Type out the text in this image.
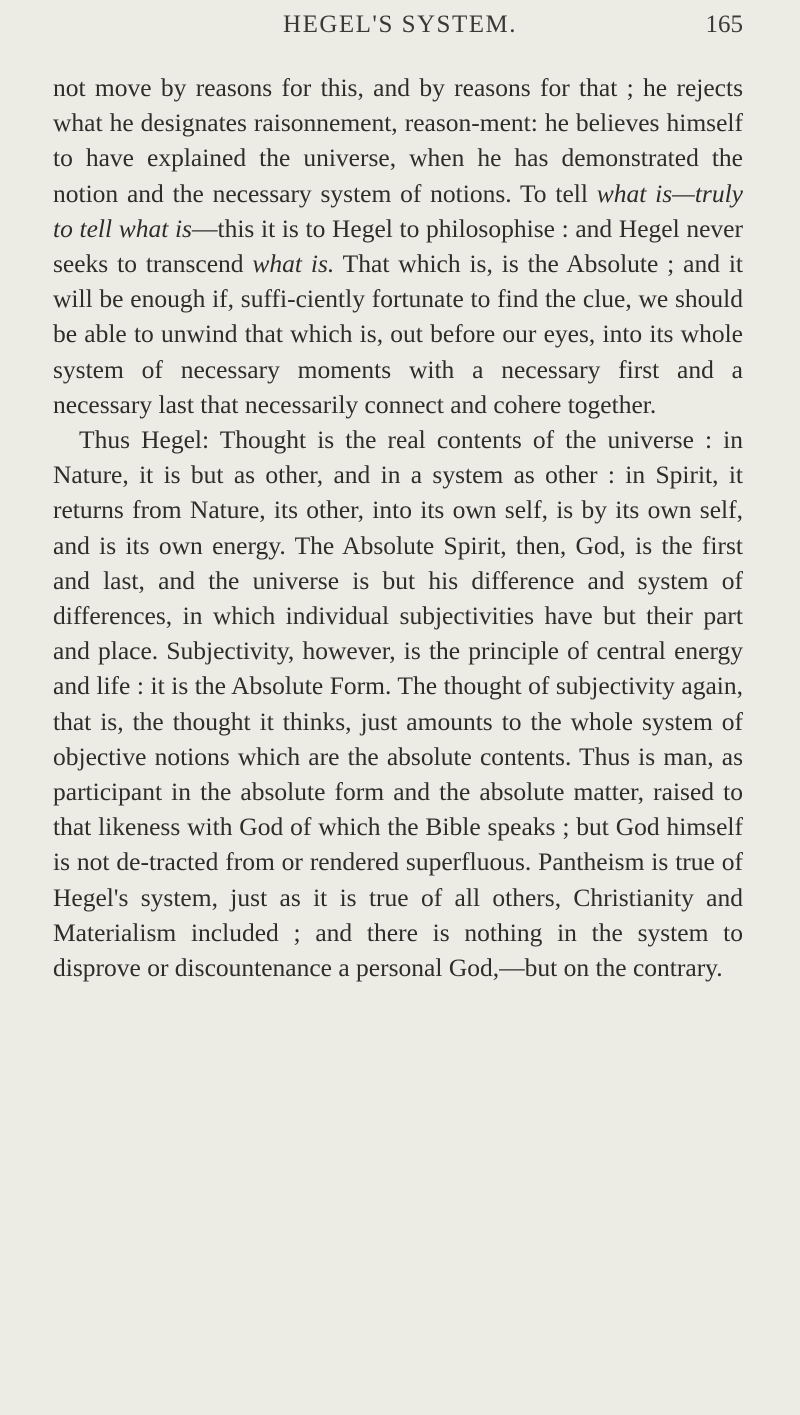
HEGEL'S SYSTEM.	165

not move by reasons for this, and by reasons for that ; he rejects what he designates raisonnement, reason-ment: he believes himself to have explained the universe, when he has demonstrated the notion and the necessary system of notions. To tell what is—truly to tell what is—this it is to Hegel to philosophise : and Hegel never seeks to transcend what is. That which is, is the Absolute ; and it will be enough if, suffi-ciently fortunate to find the clue, we should be able to unwind that which is, out before our eyes, into its whole system of necessary moments with a necessary first and a necessary last that necessarily connect and cohere together.

Thus Hegel: Thought is the real contents of the universe : in Nature, it is but as other, and in a system as other : in Spirit, it returns from Nature, its other, into its own self, is by its own self, and is its own energy. The Absolute Spirit, then, God, is the first and last, and the universe is but his difference and system of differences, in which individual subjectivities have but their part and place. Subjectivity, however, is the principle of central energy and life : it is the Absolute Form. The thought of subjectivity again, that is, the thought it thinks, just amounts to the whole system of objective notions which are the absolute contents. Thus is man, as participant in the absolute form and the absolute matter, raised to that likeness with God of which the Bible speaks ; but God himself is not de-tracted from or rendered superfluous. Pantheism is true of Hegel's system, just as it is true of all others, Christianity and Materialism included ; and there is nothing in the system to disprove or discountenance a personal God,—but on the contrary.
